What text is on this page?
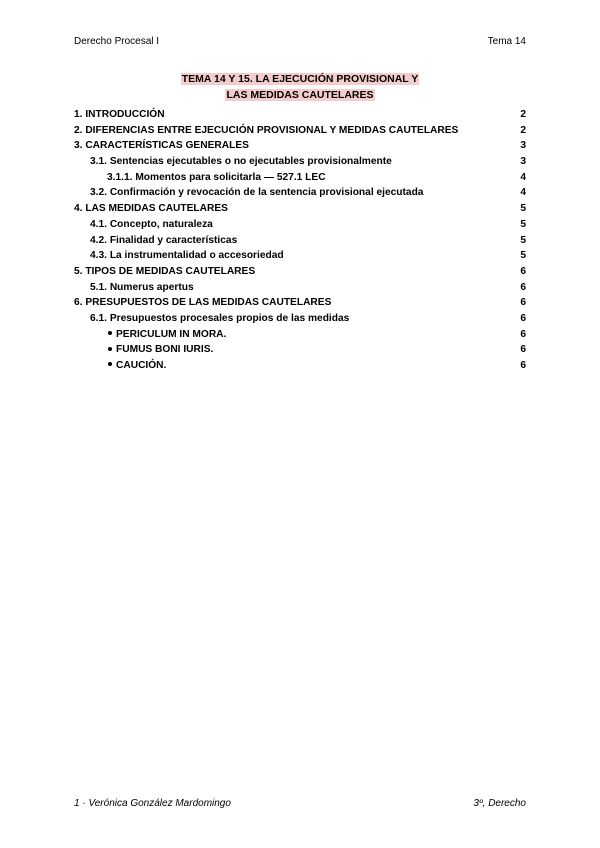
Derecho Procesal I	Tema 14
TEMA 14 Y 15. LA EJECUCIÓN PROVISIONAL Y
LAS MEDIDAS CAUTELARES
1. INTRODUCCIÓN	2
2. DIFERENCIAS ENTRE EJECUCIÓN PROVISIONAL Y MEDIDAS CAUTELARES	2
3. CARACTERÍSTICAS GENERALES	3
3.1. Sentencias ejecutables o no ejecutables provisionalmente	3
3.1.1. Momentos para solicitarla — 527.1 LEC	4
3.2. Confirmación y revocación de la sentencia provisional ejecutada	4
4. LAS MEDIDAS CAUTELARES	5
4.1. Concepto, naturaleza	5
4.2. Finalidad y características	5
4.3. La instrumentalidad o accesoriedad	5
5. TIPOS DE MEDIDAS CAUTELARES	6
5.1. Numerus apertus	6
6. PRESUPUESTOS DE LAS MEDIDAS CAUTELARES	6
6.1. Presupuestos procesales propios de las medidas	6
PERICULUM IN MORA.	6
FUMUS BONI IURIS.	6
CAUCIÓN.	6
1 · Verónica González Mardomingo	3º, Derecho
